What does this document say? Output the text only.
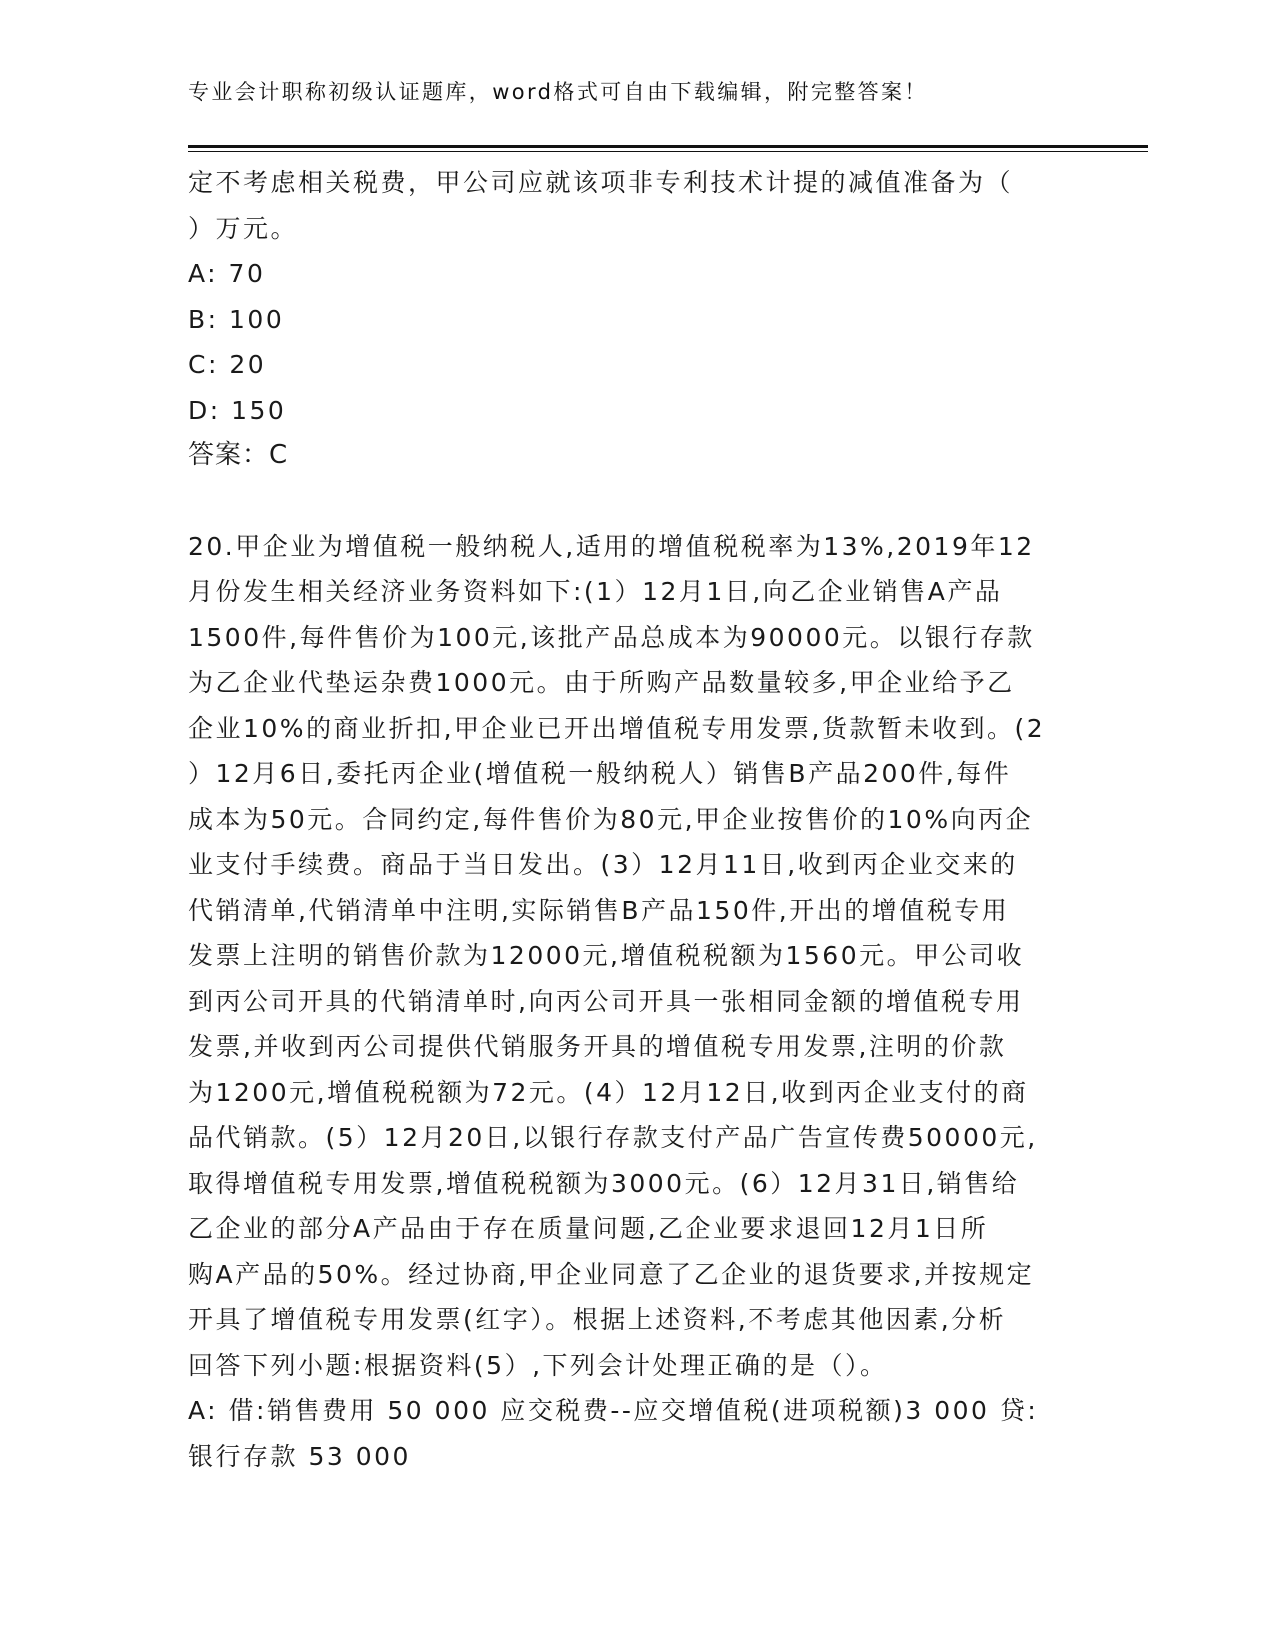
专业会计职称初级认证题库，word格式可自由下载编辑，附完整答案！
定不考虑相关税费，甲公司应就该项非专利技术计提的减值准备为（
）万元。
A: 70
B: 100
C: 20
D: 150
答案：C
20.甲企业为增值税一般纳税人,适用的增值税税率为13%,2019年12
月份发生相关经济业务资料如下:(1）12月1日,向乙企业销售A产品
1500件,每件售价为100元,该批产品总成本为90000元。以银行存款
为乙企业代垫运杂费1000元。由于所购产品数量较多,甲企业给予乙
企业10%的商业折扣,甲企业已开出增值税专用发票,货款暂未收到。(2
）12月6日,委托丙企业(增值税一般纳税人）销售B产品200件,每件
成本为50元。合同约定,每件售价为80元,甲企业按售价的10%向丙企
业支付手续费。商品于当日发出。(3）12月11日,收到丙企业交来的
代销清单,代销清单中注明,实际销售B产品150件,开出的增值税专用
发票上注明的销售价款为12000元,增值税税额为1560元。甲公司收
到丙公司开具的代销清单时,向丙公司开具一张相同金额的增值税专用
发票,并收到丙公司提供代销服务开具的增值税专用发票,注明的价款
为1200元,增值税税额为72元。(4）12月12日,收到丙企业支付的商
品代销款。(5）12月20日,以银行存款支付产品广告宣传费50000元,
取得增值税专用发票,增值税税额为3000元。(6）12月31日,销售给
乙企业的部分A产品由于存在质量问题,乙企业要求退回12月1日所
购A产品的50%。经过协商,甲企业同意了乙企业的退货要求,并按规定
开具了增值税专用发票(红字）。根据上述资料,不考虑其他因素,分析
回答下列小题:根据资料(5）,下列会计处理正确的是（）。
A: 借:销售费用 50 000 应交税费--应交增值税(进项税额)3 000 贷:
银行存款 53 000
